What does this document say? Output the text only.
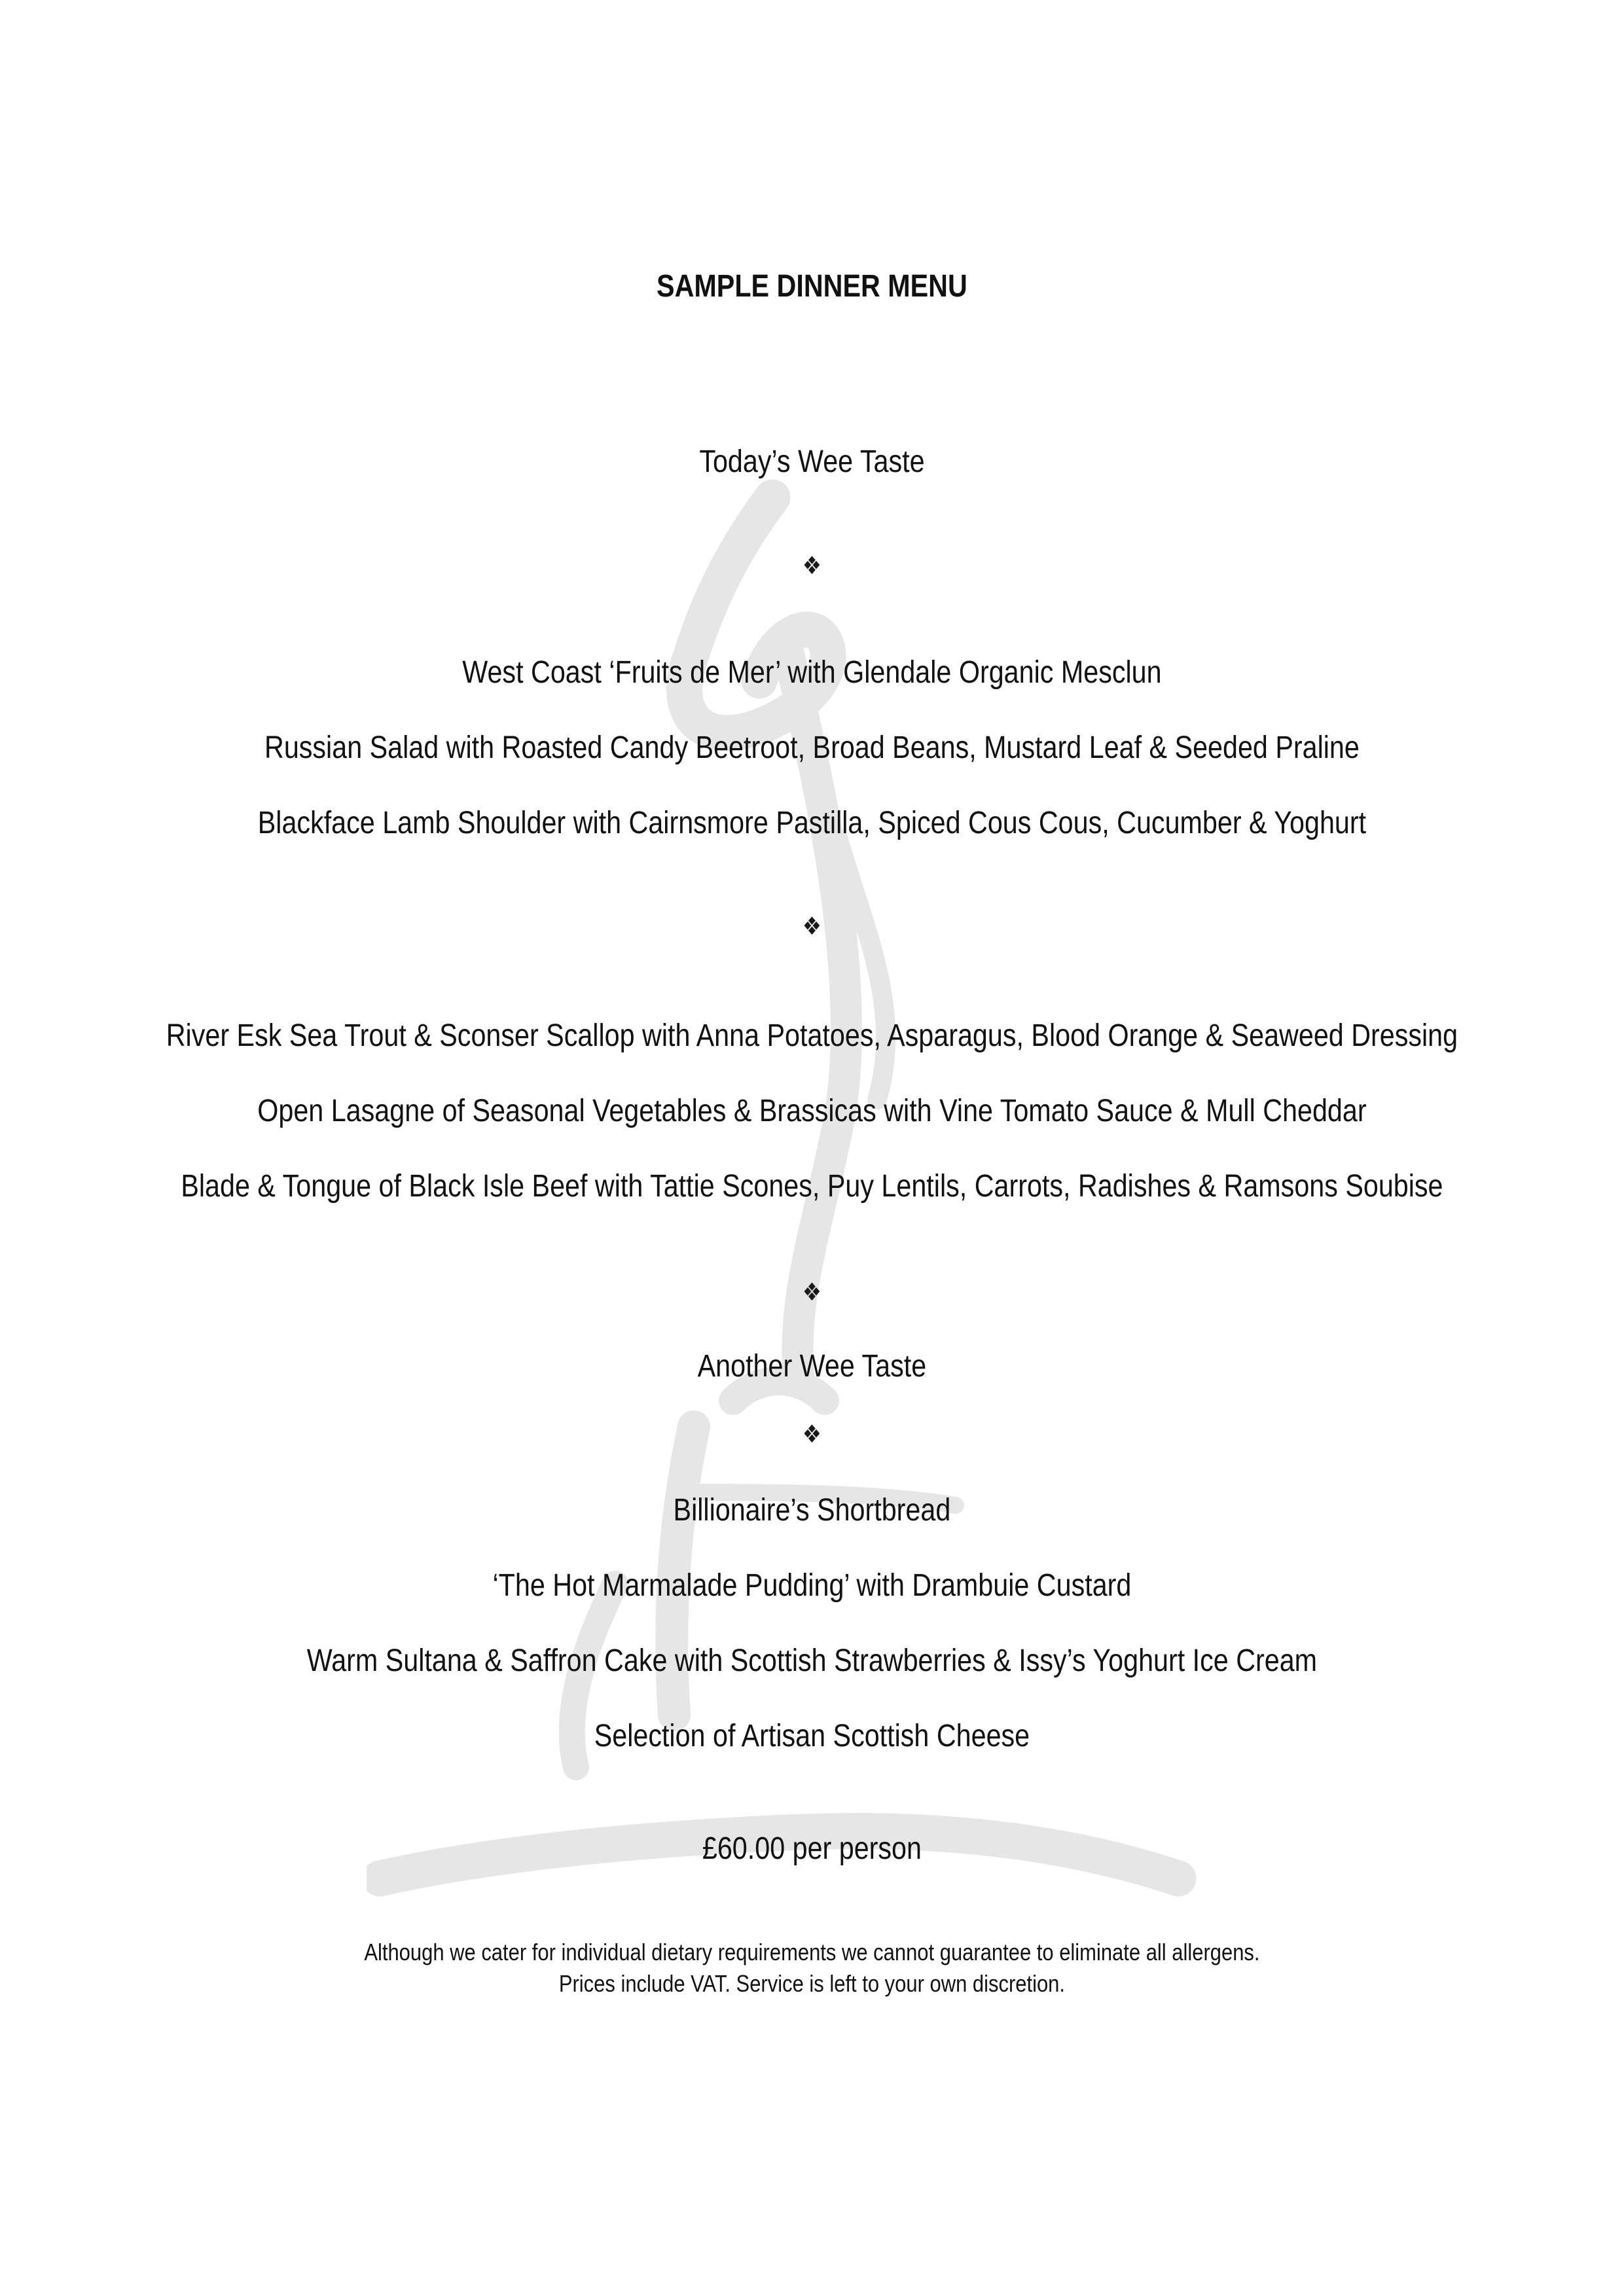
SAMPLE DINNER MENU
Today’s Wee Taste
❖
West Coast ‘Fruits de Mer’ with Glendale Organic Mesclun
Russian Salad with Roasted Candy Beetroot, Broad Beans, Mustard Leaf & Seeded Praline
Blackface Lamb Shoulder with Cairnsmore Pastilla, Spiced Cous Cous, Cucumber & Yoghurt
❖
River Esk Sea Trout & Sconser Scallop with Anna Potatoes, Asparagus, Blood Orange & Seaweed Dressing
Open Lasagne of Seasonal Vegetables & Brassicas with Vine Tomato Sauce & Mull Cheddar
Blade & Tongue of Black Isle Beef with Tattie Scones, Puy Lentils, Carrots, Radishes & Ramsons Soubise
❖
Another Wee Taste
❖
Billionaire’s Shortbread
‘The Hot Marmalade Pudding’ with Drambuie Custard
Warm Sultana & Saffron Cake with Scottish Strawberries & Issy’s Yoghurt Ice Cream
Selection of Artisan Scottish Cheese
£60.00 per person
Although we cater for individual dietary requirements we cannot guarantee to eliminate all allergens.
Prices include VAT. Service is left to your own discretion.
